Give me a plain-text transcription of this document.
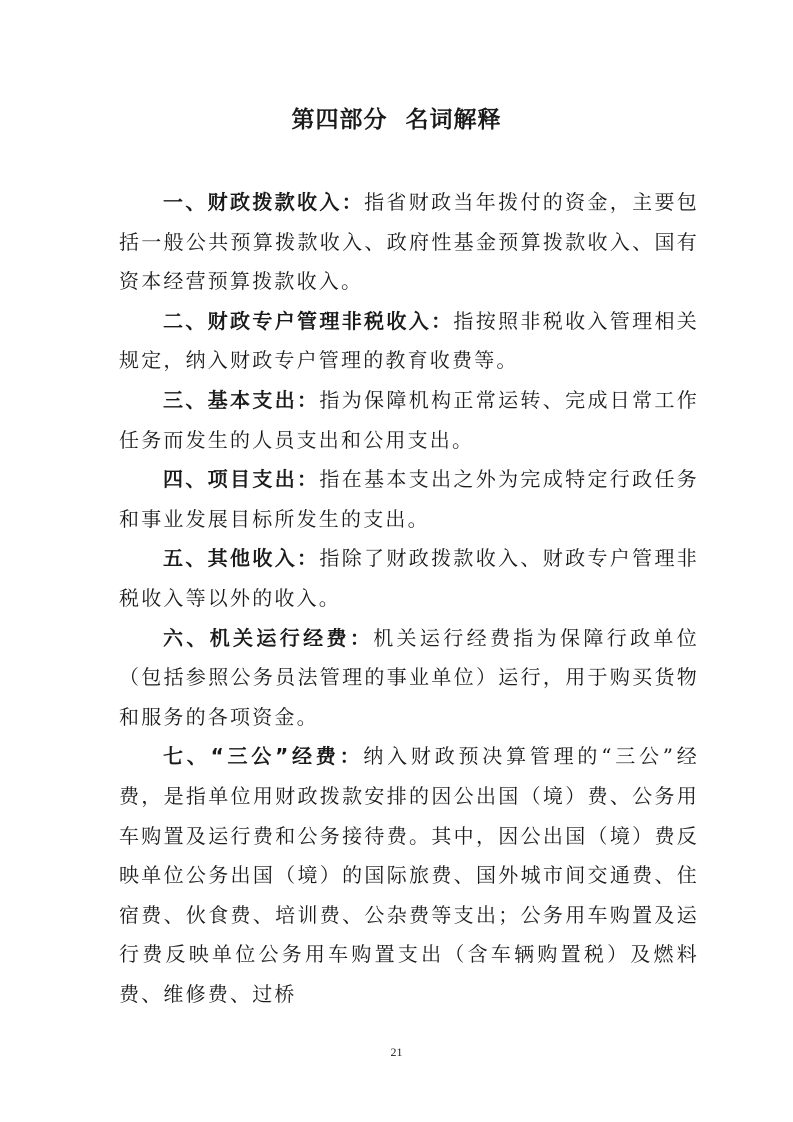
第四部分  名词解释

一、财政拨款收入：指省财政当年拨付的资金，主要包括一般公共预算拨款收入、政府性基金预算拨款收入、国有资本经营预算拨款收入。

二、财政专户管理非税收入：指按照非税收入管理相关规定，纳入财政专户管理的教育收费等。

三、基本支出：指为保障机构正常运转、完成日常工作任务而发生的人员支出和公用支出。

四、项目支出：指在基本支出之外为完成特定行政任务和事业发展目标所发生的支出。

五、其他收入：指除了财政拨款收入、财政专户管理非税收入等以外的收入。

六、机关运行经费：机关运行经费指为保障行政单位（包括参照公务员法管理的事业单位）运行，用于购买货物和服务的各项资金。

七、“三公”经费：纳入财政预决算管理的“三公”经费，是指单位用财政拨款安排的因公出国（境）费、公务用车购置及运行费和公务接待费。其中，因公出国（境）费反映单位公务出国（境）的国际旅费、国外城市间交通费、住宿费、伙食费、培训费、公杂费等支出；公务用车购置及运行费反映单位公务用车购置支出（含车辆购置税）及燃料费、维修费、过桥

21
